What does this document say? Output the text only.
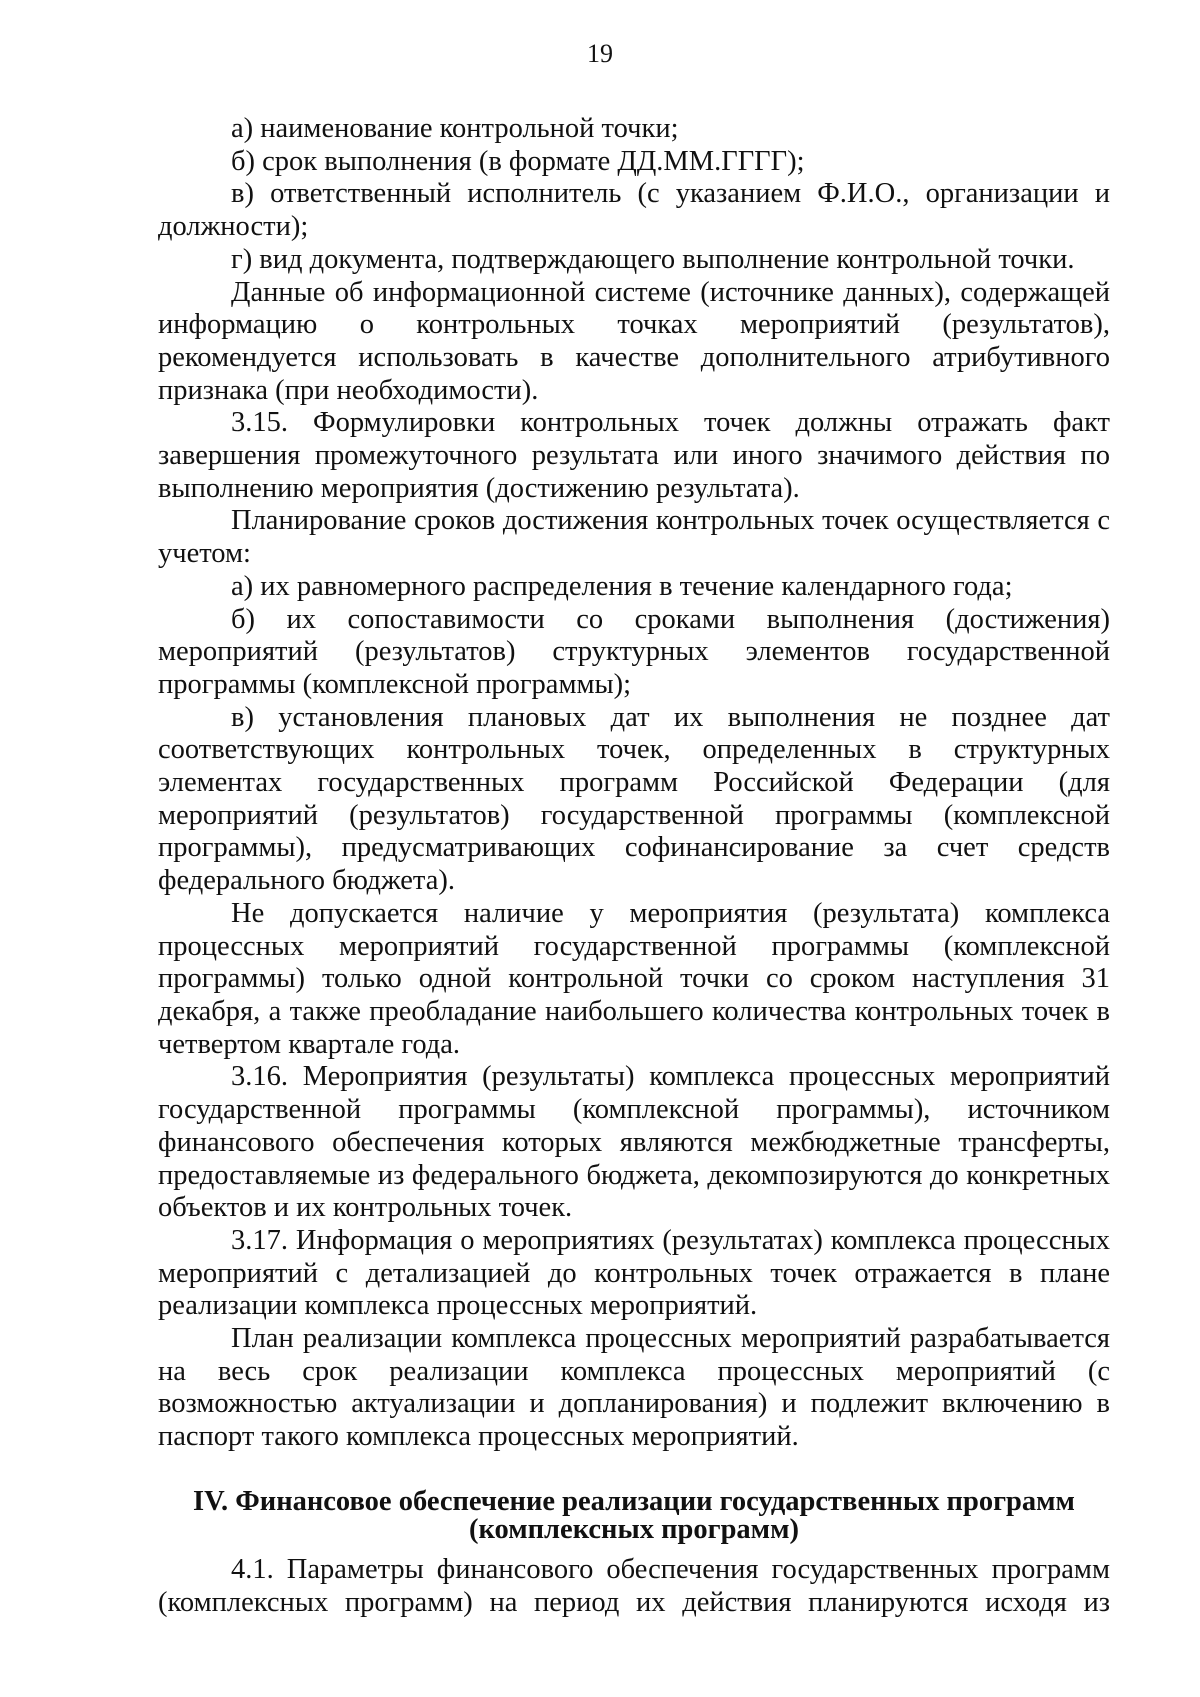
19

а) наименование контрольной точки;

б) срок выполнения (в формате ДД.ММ.ГГГГ);

в) ответственный исполнитель (с указанием Ф.И.О., организации и должности);

г) вид документа, подтверждающего выполнение контрольной точки.

Данные об информационной системе (источнике данных), содержащей информацию о контрольных точках мероприятий (результатов), рекомендуется использовать в качестве дополнительного атрибутивного признака (при необходимости).

3.15. Формулировки контрольных точек должны отражать факт завершения промежуточного результата или иного значимого действия по выполнению мероприятия (достижению результата).

Планирование сроков достижения контрольных точек осуществляется с учетом:

а) их равномерного распределения в течение календарного года;

б) их сопоставимости со сроками выполнения (достижения) мероприятий (результатов) структурных элементов государственной программы (комплексной программы);

в) установления плановых дат их выполнения не позднее дат соответствующих контрольных точек, определенных в структурных элементах государственных программ Российской Федерации (для мероприятий (результатов) государственной программы (комплексной программы), предусматривающих софинансирование за счет средств федерального бюджета).

Не допускается наличие у мероприятия (результата) комплекса процессных мероприятий государственной программы (комплексной программы) только одной контрольной точки со сроком наступления 31 декабря, а также преобладание наибольшего количества контрольных точек в четвертом квартале года.

3.16. Мероприятия (результаты) комплекса процессных мероприятий государственной программы (комплексной программы), источником финансового обеспечения которых являются межбюджетные трансферты, предоставляемые из федерального бюджета, декомпозируются до конкретных объектов и их контрольных точек.

3.17. Информация о мероприятиях (результатах) комплекса процессных мероприятий с детализацией до контрольных точек отражается в плане реализации комплекса процессных мероприятий.

План реализации комплекса процессных мероприятий разрабатывается на весь срок реализации комплекса процессных мероприятий (с возможностью актуализации и допланирования) и подлежит включению в паспорт такого комплекса процессных мероприятий.

IV. Финансовое обеспечение реализации государственных программ
(комплексных программ)

4.1. Параметры финансового обеспечения государственных программ (комплексных программ) на период их действия планируются исходя из
